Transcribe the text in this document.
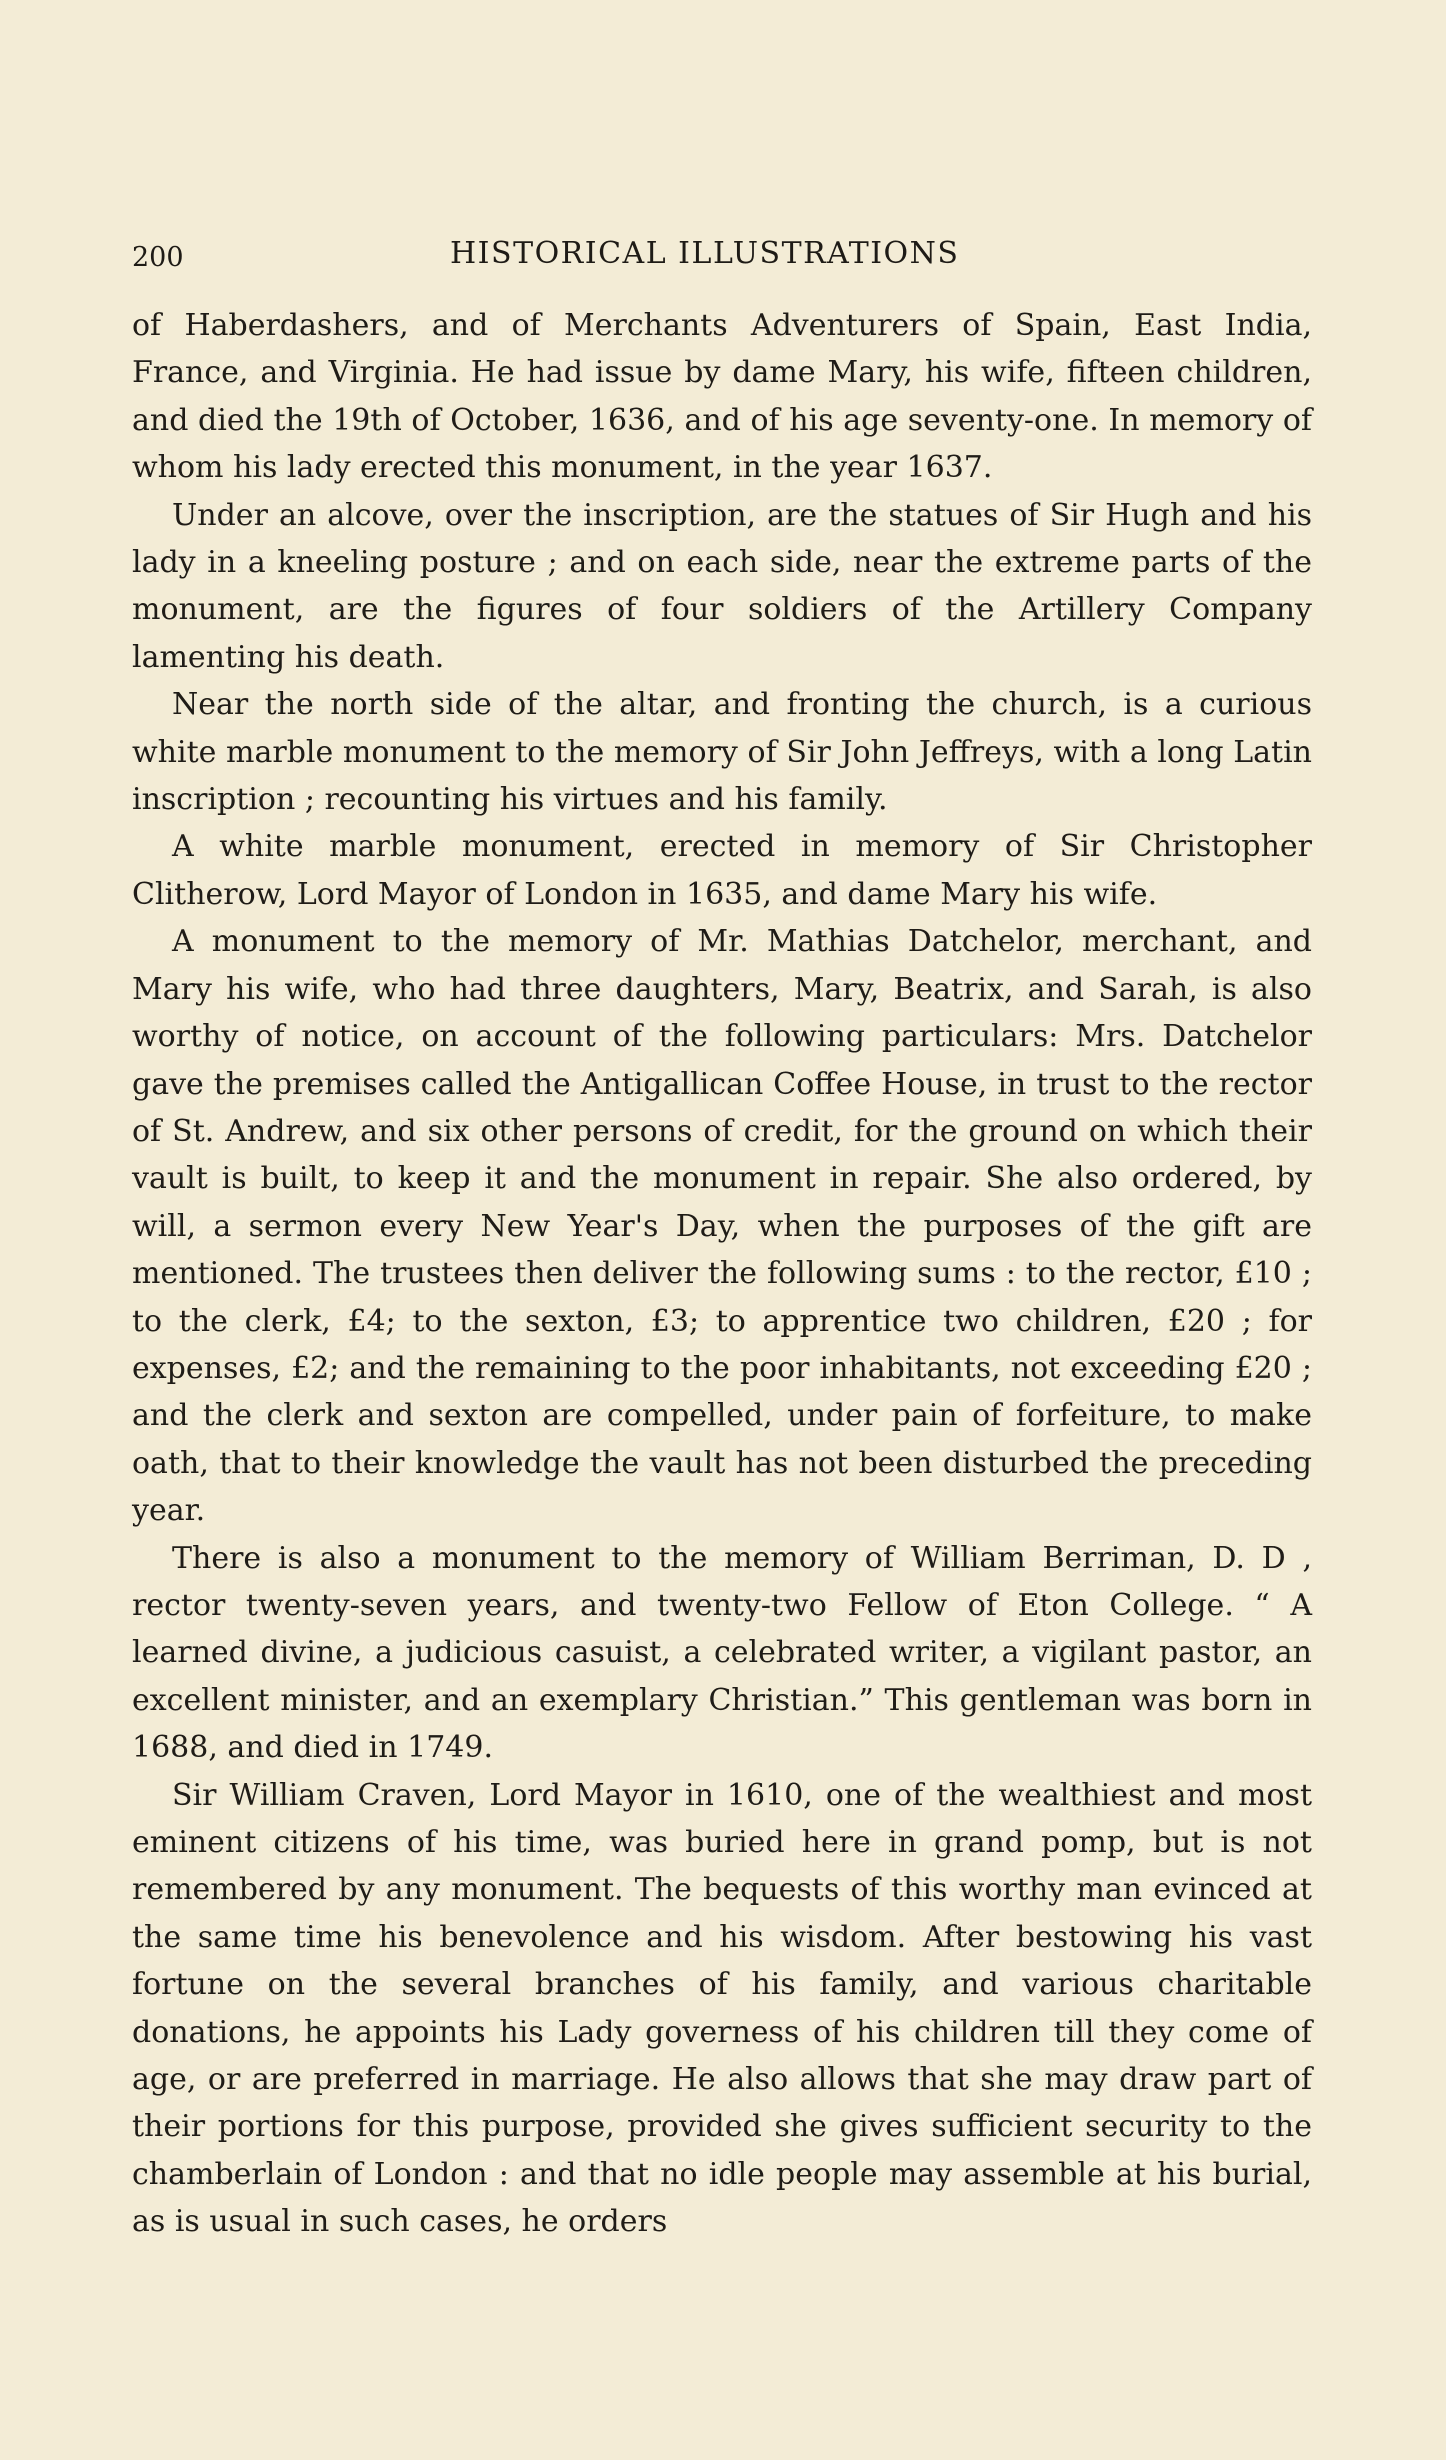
200	HISTORICAL ILLUSTRATIONS

of Haberdashers, and of Merchants Adventurers of Spain, East India, France, and Virginia. He had issue by dame Mary, his wife, fifteen children, and died the 19th of October, 1636, and of his age seventy-one. In memory of whom his lady erected this monument, in the year 1637.

Under an alcove, over the inscription, are the statues of Sir Hugh and his lady in a kneeling posture ; and on each side, near the extreme parts of the monument, are the figures of four soldiers of the Artillery Company lamenting his death.

Near the north side of the altar, and fronting the church, is a curious white marble monument to the memory of Sir John Jeffreys, with a long Latin inscription ; recounting his virtues and his family.

A white marble monument, erected in memory of Sir Christopher Clitherow, Lord Mayor of London in 1635, and dame Mary his wife.

A monument to the memory of Mr. Mathias Datchelor, merchant, and Mary his wife, who had three daughters, Mary, Beatrix, and Sarah, is also worthy of notice, on account of the following particulars: Mrs. Datchelor gave the premises called the Antigallican Coffee House, in trust to the rector of St. Andrew, and six other persons of credit, for the ground on which their vault is built, to keep it and the monument in repair. She also ordered, by will, a sermon every New Year's Day, when the purposes of the gift are mentioned. The trustees then deliver the following sums : to the rector, £10 ; to the clerk, £4; to the sexton, £3; to apprentice two children, £20 ; for expenses, £2; and the remaining to the poor inhabitants, not exceeding £20 ; and the clerk and sexton are compelled, under pain of forfeiture, to make oath, that to their knowledge the vault has not been disturbed the preceding year.

There is also a monument to the memory of William Berriman, D. D , rector twenty-seven years, and twenty-two Fellow of Eton College. “ A learned divine, a judicious casuist, a celebrated writer, a vigilant pastor, an excellent minister, and an exemplary Christian.” This gentleman was born in 1688, and died in 1749.

Sir William Craven, Lord Mayor in 1610, one of the wealthiest and most eminent citizens of his time, was buried here in grand pomp, but is not remembered by any monument. The bequests of this worthy man evinced at the same time his benevolence and his wisdom. After bestowing his vast fortune on the several branches of his family, and various charitable donations, he appoints his Lady governess of his children till they come of age, or are preferred in marriage. He also allows that she may draw part of their portions for this purpose, provided she gives sufficient security to the chamberlain of London : and that no idle people may assemble at his burial, as is usual in such cases, he orders
